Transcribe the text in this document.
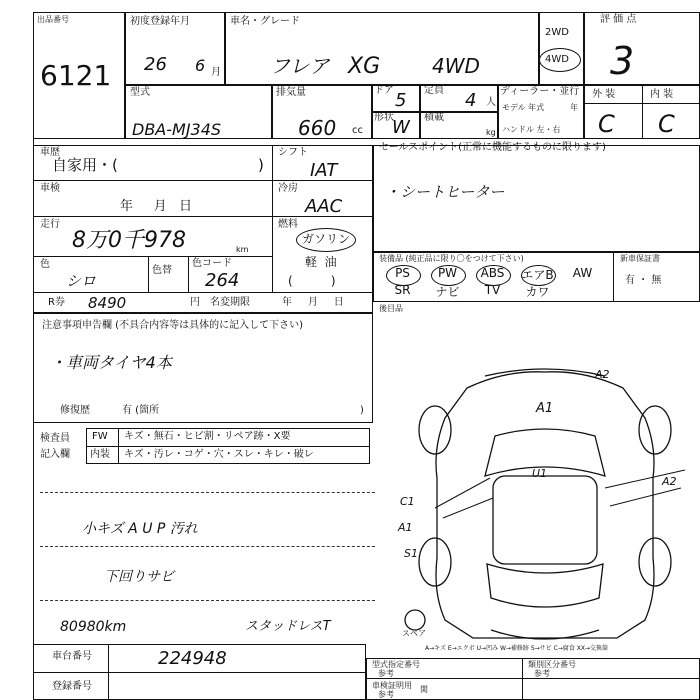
出品番号
6121
初度登録年月
26 6 月
車名・グレード
フレア XG	4WD
2WD
4WD
評 価 点
3
型式
DBA-MJ34S
排気量
660 cc
ドア 5 定員 4 人
形状
W 積載
kg
ディーラー・並行
モデル 年式	年
ハンドル 左・右
外 装	内 装
C C
車歴
自家用・(	)
シフト
IAT
車検
年     月   日
冷房
AAC
走行
8万0千978	km
燃料
ガソリン
軽  油
(          )
色
シロ
色替
色コード
264
R券 8490	円 名変期限	年     月     日
セールスポイント(正常に機能するものに限ります)
・シートヒーター
装備品 (純正品に限り〇をつけて下さい)	新車保証書
PS	PW	ABS	エアB	AW
SR	ナビ	TV	カワ
有 ・ 無
後目品
注意事項申告欄 (不具合内容等は具体的に記入して下さい)
・車両タイヤ4本
修復歴	有 (箇所	)
検査員
記入欄
FW キズ・無石・ヒビ割・リペア跡・X要
内装 キズ・汚レ・コゲ・穴・スレ・キレ・破レ
小キズ A U P 汚れ
下回りサビ
80980km	スタッドレスT
A2
A1
U1
C1
A1
S1
A2
スペア
A→キズ E→エクボ U→凹み W→補修跡 S→サビ C→腐食 XX→交換箇
車台番号	224948
登録番号
型式指定番号
参考
類別区分番号
参考
車検証明用
参考
関
